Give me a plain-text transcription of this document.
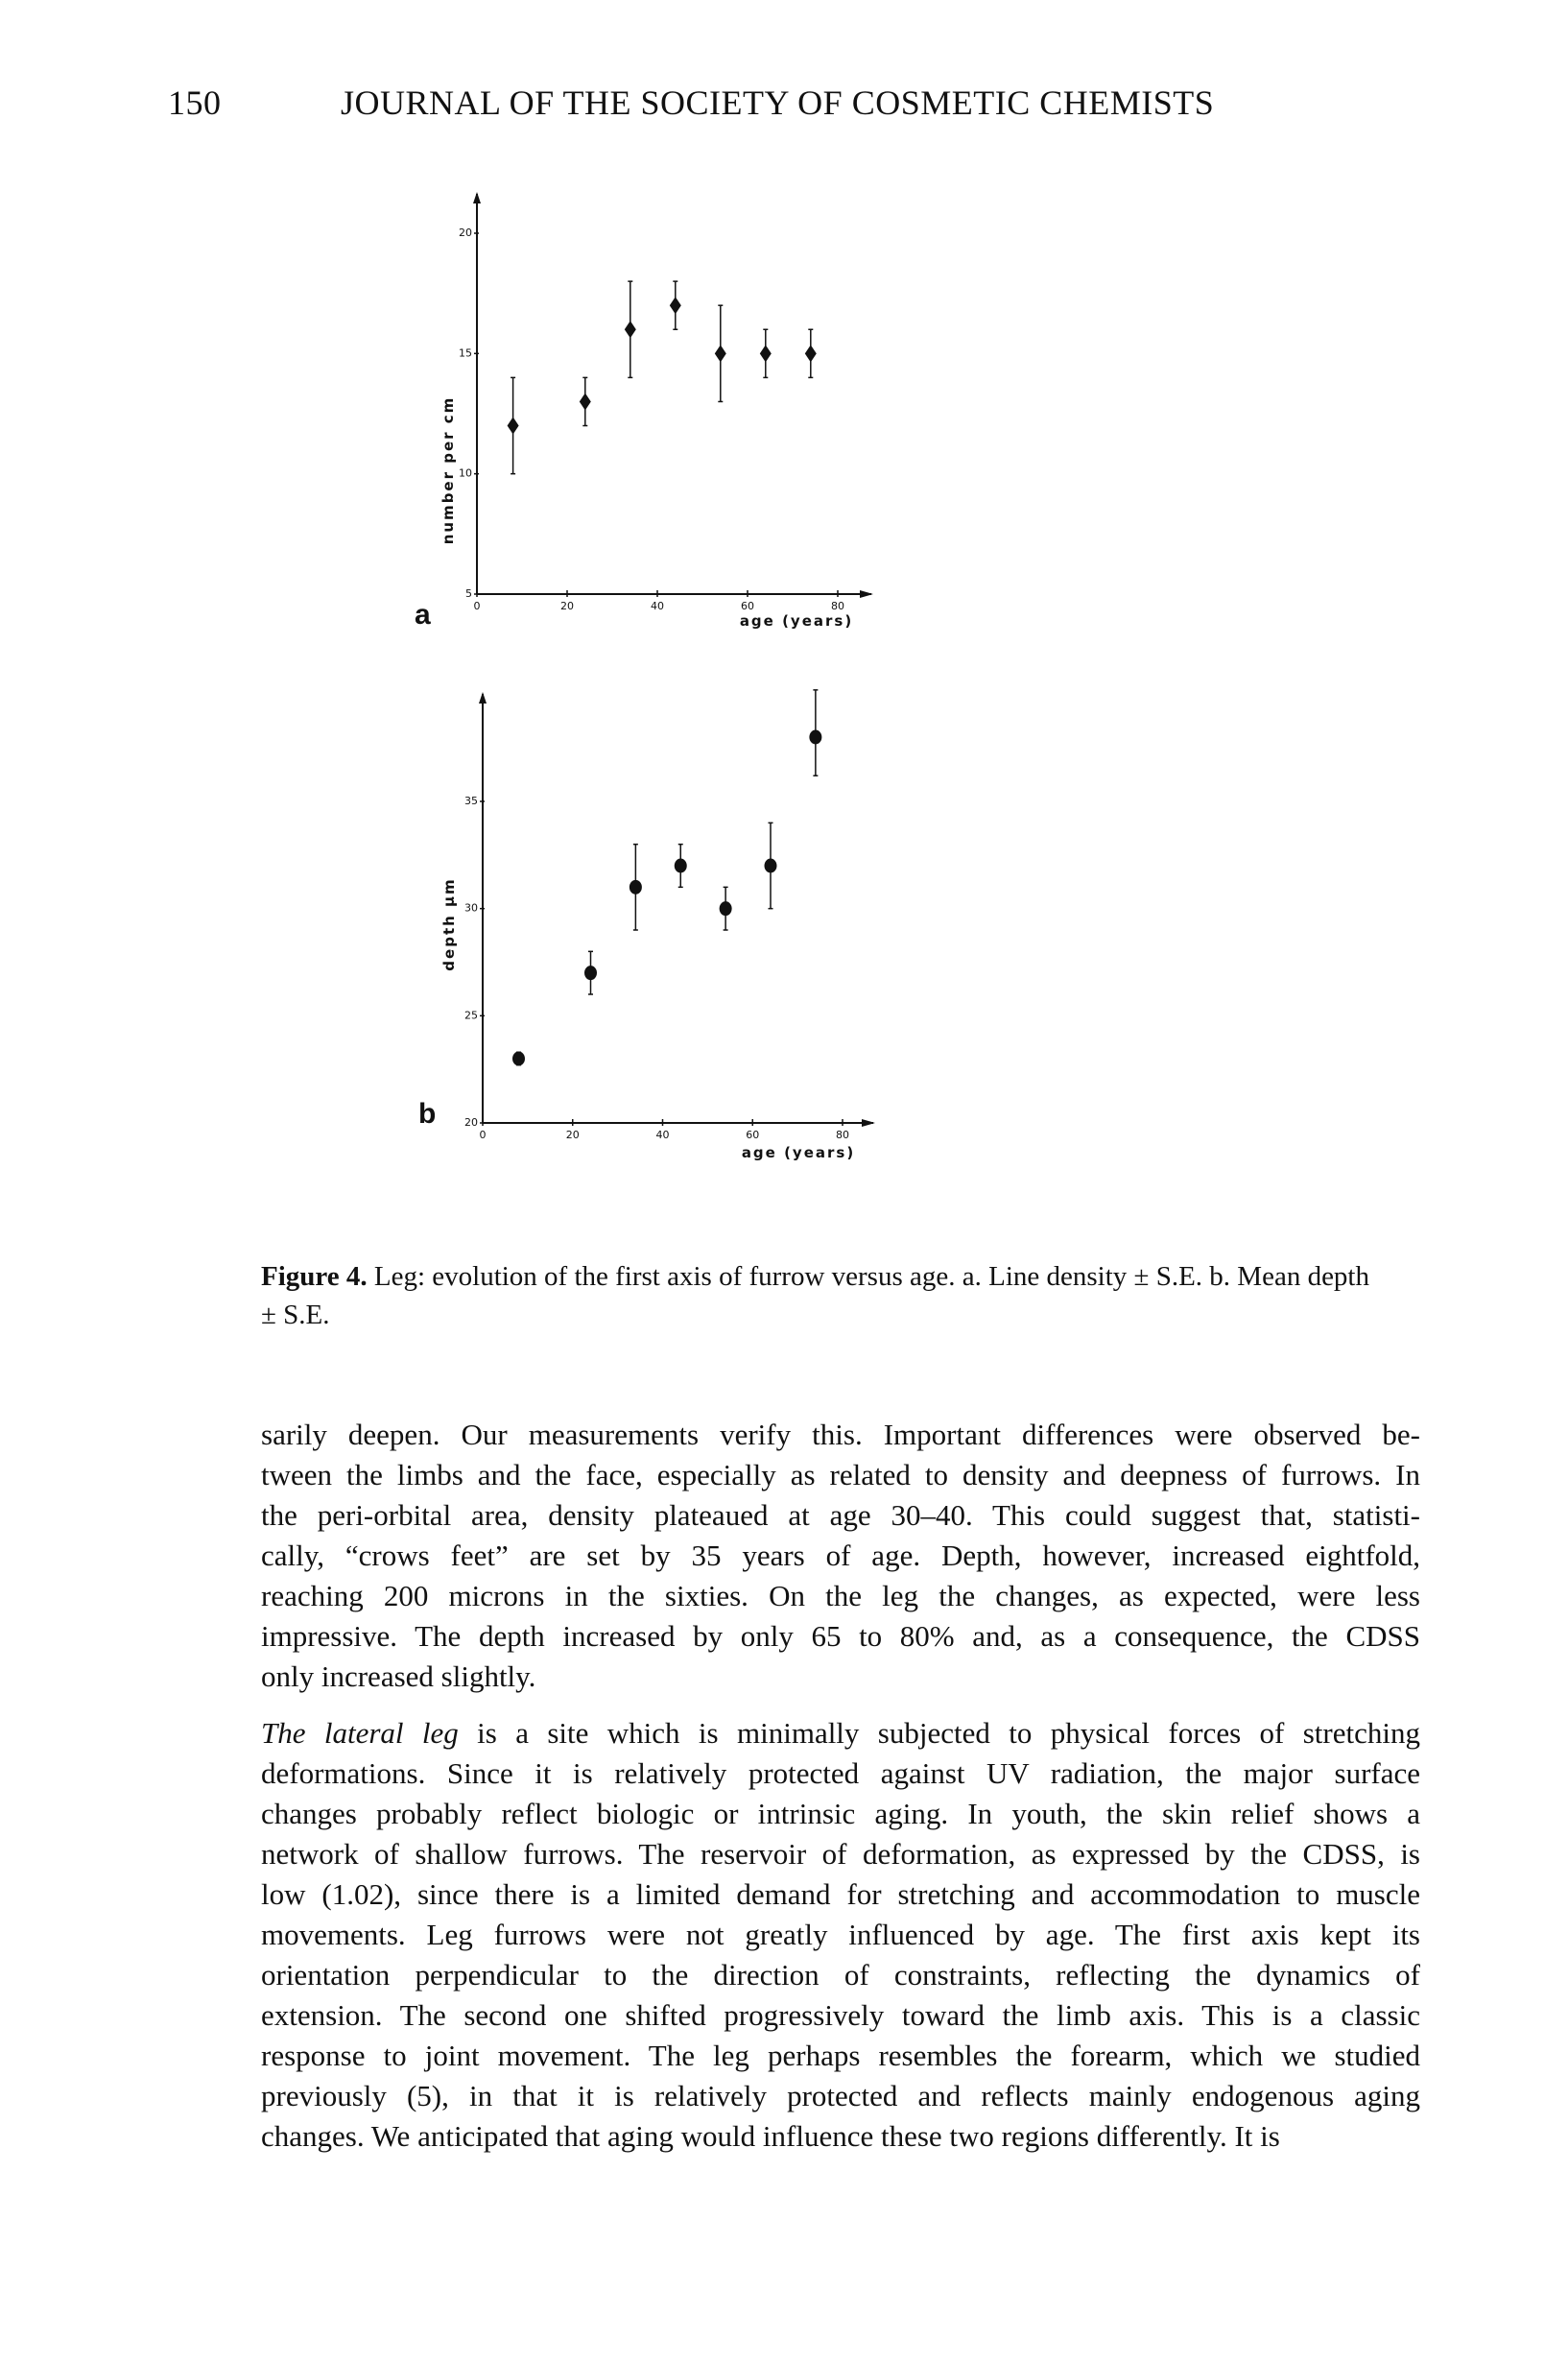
150	JOURNAL OF THE SOCIETY OF COSMETIC CHEMISTS
0	20	40	60	80
5
10
15
20
number per cm
age (years)
a
0	20	40	60	80
20
25
30
35
depth µm
age (years)
b
Figure 4. Leg: evolution of the first axis of furrow versus age. a. Line density ± S.E. b. Mean depth
± S.E.
sarily deepen. Our measurements verify this. Important differences were observed be-
tween the limbs and the face, especially as related to density and deepness of furrows. In
the peri-orbital area, density plateaued at age 30–40. This could suggest that, statisti-
cally, “crows feet” are set by 35 years of age. Depth, however, increased eightfold,
reaching 200 microns in the sixties. On the leg the changes, as expected, were less
impressive. The depth increased by only 65 to 80% and, as a consequence, the CDSS
only increased slightly.
The lateral leg is a site which is minimally subjected to physical forces of stretching
deformations. Since it is relatively protected against UV radiation, the major surface
changes probably reflect biologic or intrinsic aging. In youth, the skin relief shows a
network of shallow furrows. The reservoir of deformation, as expressed by the CDSS, is
low (1.02), since there is a limited demand for stretching and accommodation to muscle
movements. Leg furrows were not greatly influenced by age. The first axis kept its
orientation perpendicular to the direction of constraints, reflecting the dynamics of
extension. The second one shifted progressively toward the limb axis. This is a classic
response to joint movement. The leg perhaps resembles the forearm, which we studied
previously (5), in that it is relatively protected and reflects mainly endogenous aging
changes. We anticipated that aging would influence these two regions differently. It is
